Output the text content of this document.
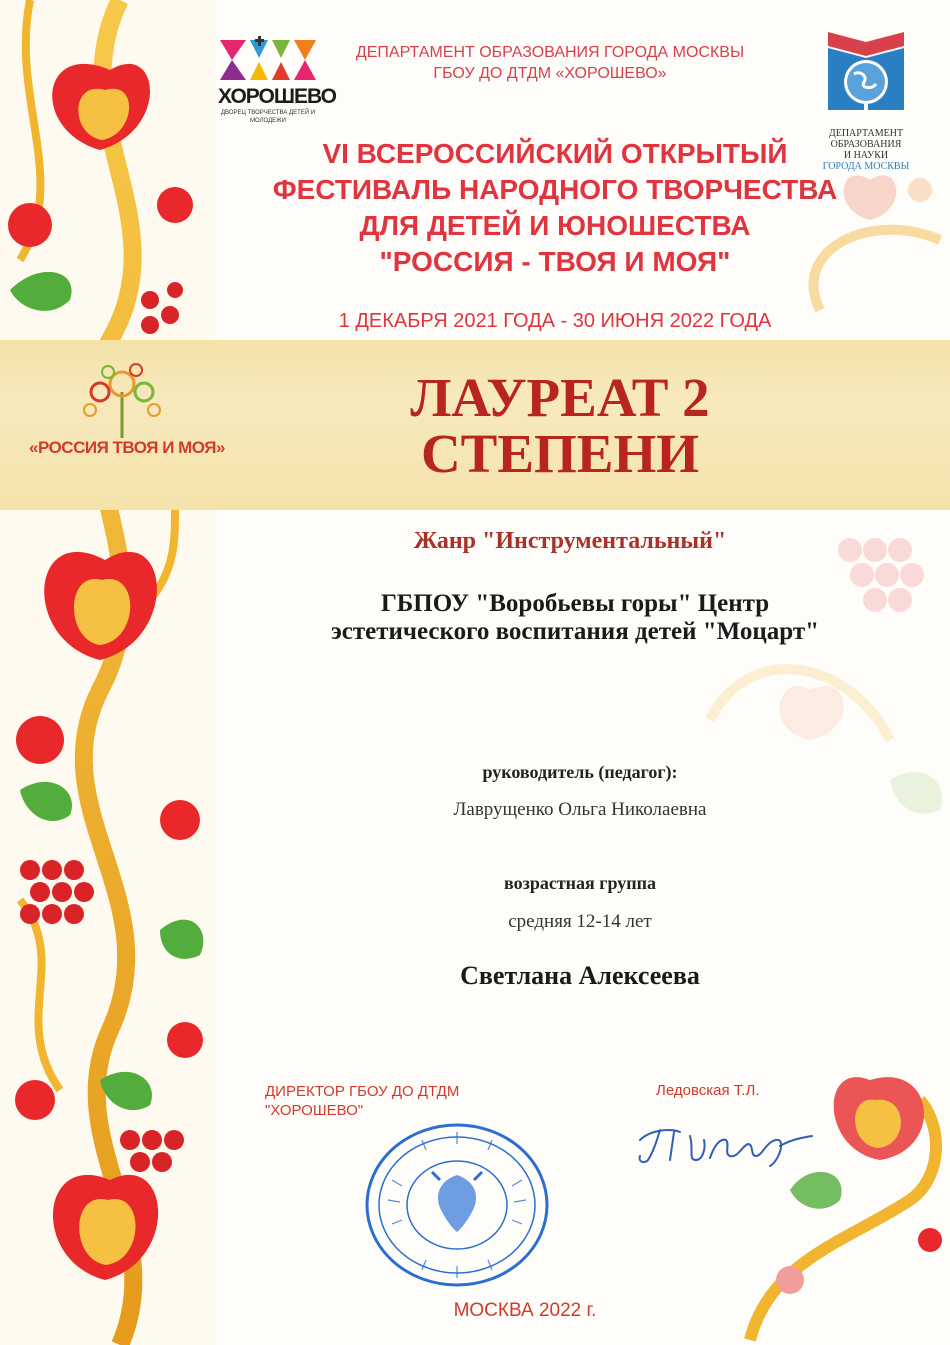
ХОРОШЕВО
ДВОРЕЦ ТВОРЧЕСТВА ДЕТЕЙ И МОЛОДЕЖИ
ДЕПАРТАМЕНТ
ОБРАЗОВАНИЯ
И НАУКИ
ГОРОДА МОСКВЫ
ДЕПАРТАМЕНТ ОБРАЗОВАНИЯ ГОРОДА МОСКВЫ
ГБОУ ДО ДТДМ «ХОРОШЕВО»
VI ВСЕРОССИЙСКИЙ ОТКРЫТЫЙ
ФЕСТИВАЛЬ НАРОДНОГО ТВОРЧЕСТВА
ДЛЯ ДЕТЕЙ И ЮНОШЕСТВА
"РОССИЯ - ТВОЯ И МОЯ"
1 ДЕКАБРЯ 2021 ГОДА - 30 ИЮНЯ 2022 ГОДА
«РОССИЯ ТВОЯ И МОЯ»
ЛАУРЕАТ 2
СТЕПЕНИ
Жанр "Инструментальный"
ГБПОУ "Воробьевы горы" Центр
эстетического воспитания детей "Моцарт"
руководитель (педагог):
Лаврущенко Ольга Николаевна
возрастная группа
средняя 12-14 лет
Светлана Алексеева
ДИРЕКТОР ГБОУ ДО ДТДМ
"ХОРОШЕВО"
Ледовская Т.Л.
МОСКВА 2022 г.
